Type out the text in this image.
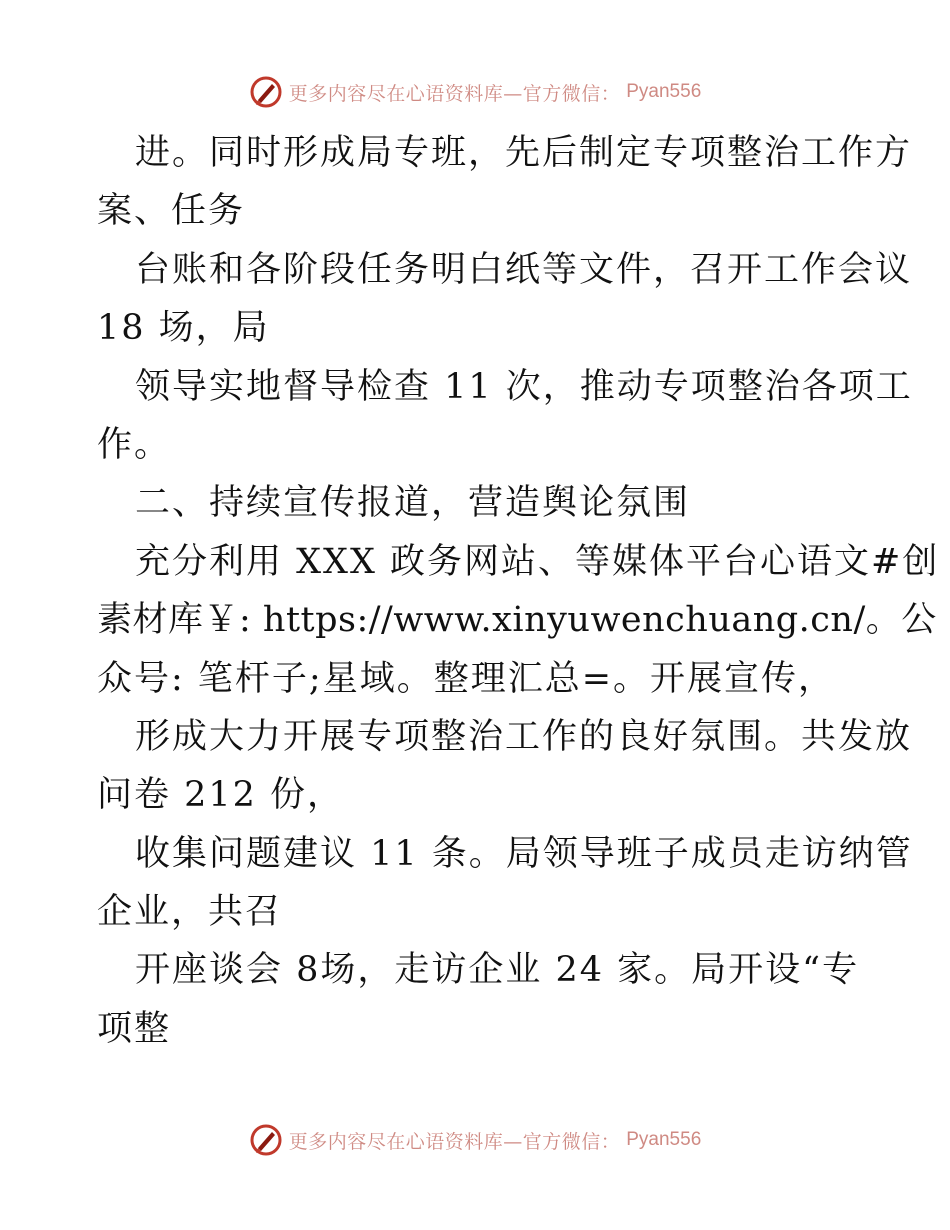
更多内容尽在心语资料库—官方微信： Pyan556
进。同时形成局专班，先后制定专项整治工作方
案、任务
台账和各阶段任务明白纸等文件，召开工作会议
18 场，局
领导实地督导检查 11 次，推动专项整治各项工
作。
二、持续宣传报道，营造舆论氛围
充分利用 XXX 政务网站、等媒体平台心语文#创
素材库￥: https://www.xinyuwenchuang.cn/。公
众号: 笔杆子;星域。整理汇总=。开展宣传，
形成大力开展专项整治工作的良好氛围。共发放
问卷 212 份，
收集问题建议 11 条。局领导班子成员走访纳管
企业，共召
开座谈会 8场，走访企业 24 家。局开设“专
项整
更多内容尽在心语资料库—官方微信： Pyan556
